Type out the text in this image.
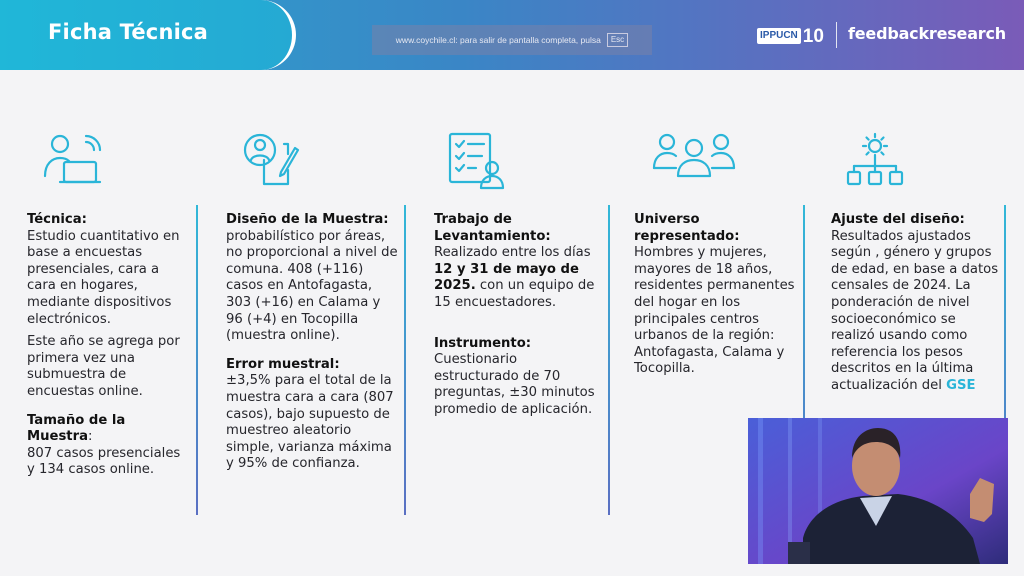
Ficha Técnica	www.coychile.cl: para salir de pantalla completa, pulsa	Esc	IPPUCN 10 feedbackresearch

Técnica:

Estudio cuantitativo en base a encuestas presenciales, cara a cara en hogares, mediante dispositivos electrónicos.

Este año se agrega por primera vez una submuestra de encuestas online.

Tamaño de la Muestra:

807 casos presenciales y 134 casos online.

Diseño de la Muestra:

probabilístico por áreas, no proporcional a nivel de comuna. 408 (+116) casos en Antofagasta, 303 (+16) en Calama y 96 (+4) en Tocopilla (muestra online).

Error muestral:

±3,5% para el total de la muestra cara a cara (807 casos), bajo supuesto de muestreo aleatorio simple, varianza máxima y 95% de confianza.

Trabajo de Levantamiento:

Realizado entre los días 12 y 31 de mayo de 2025. con un equipo de 15 encuestadores.

Instrumento:

Cuestionario estructurado de 70 preguntas, ±30 minutos promedio de aplicación.

Universo representado:

Hombres y mujeres, mayores de 18 años, residentes permanentes del hogar en los principales centros urbanos de la región: Antofagasta, Calama y Tocopilla.

Ajuste del diseño:

Resultados ajustados según , género y grupos de edad, en base a datos censales de 2024. La ponderación de nivel socioeconómico se realizó usando como referencia los pesos descritos en la última actualización del GSE
